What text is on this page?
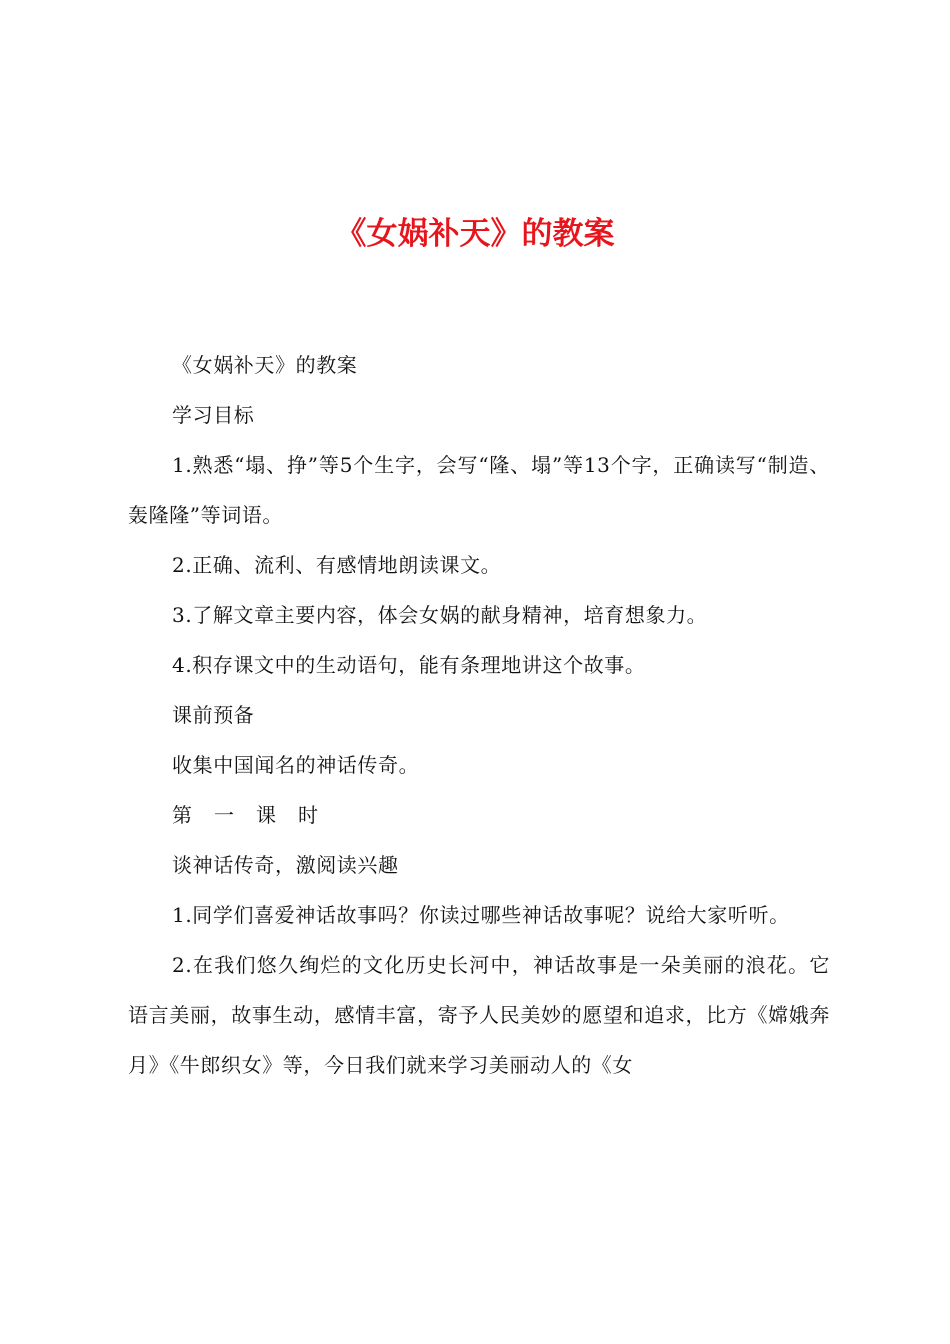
《女娲补天》的教案

《女娲补天》的教案

学习目标

1.熟悉“塌、挣”等5个生字，会写“隆、塌”等13个字，正确读写“制造、轰隆隆”等词语。

2.正确、流利、有感情地朗读课文。

3.了解文章主要内容，体会女娲的献身精神，培育想象力。

4.积存课文中的生动语句，能有条理地讲这个故事。

课前预备

收集中国闻名的神话传奇。

第一课时

谈神话传奇，激阅读兴趣

1.同学们喜爱神话故事吗？你读过哪些神话故事呢？说给大家听听。

2.在我们悠久绚烂的文化历史长河中，神话故事是一朵美丽的浪花。它语言美丽，故事生动，感情丰富，寄予人民美妙的愿望和追求，比方《嫦娥奔月》《牛郎织女》等，今日我们就来学习美丽动人的《女
